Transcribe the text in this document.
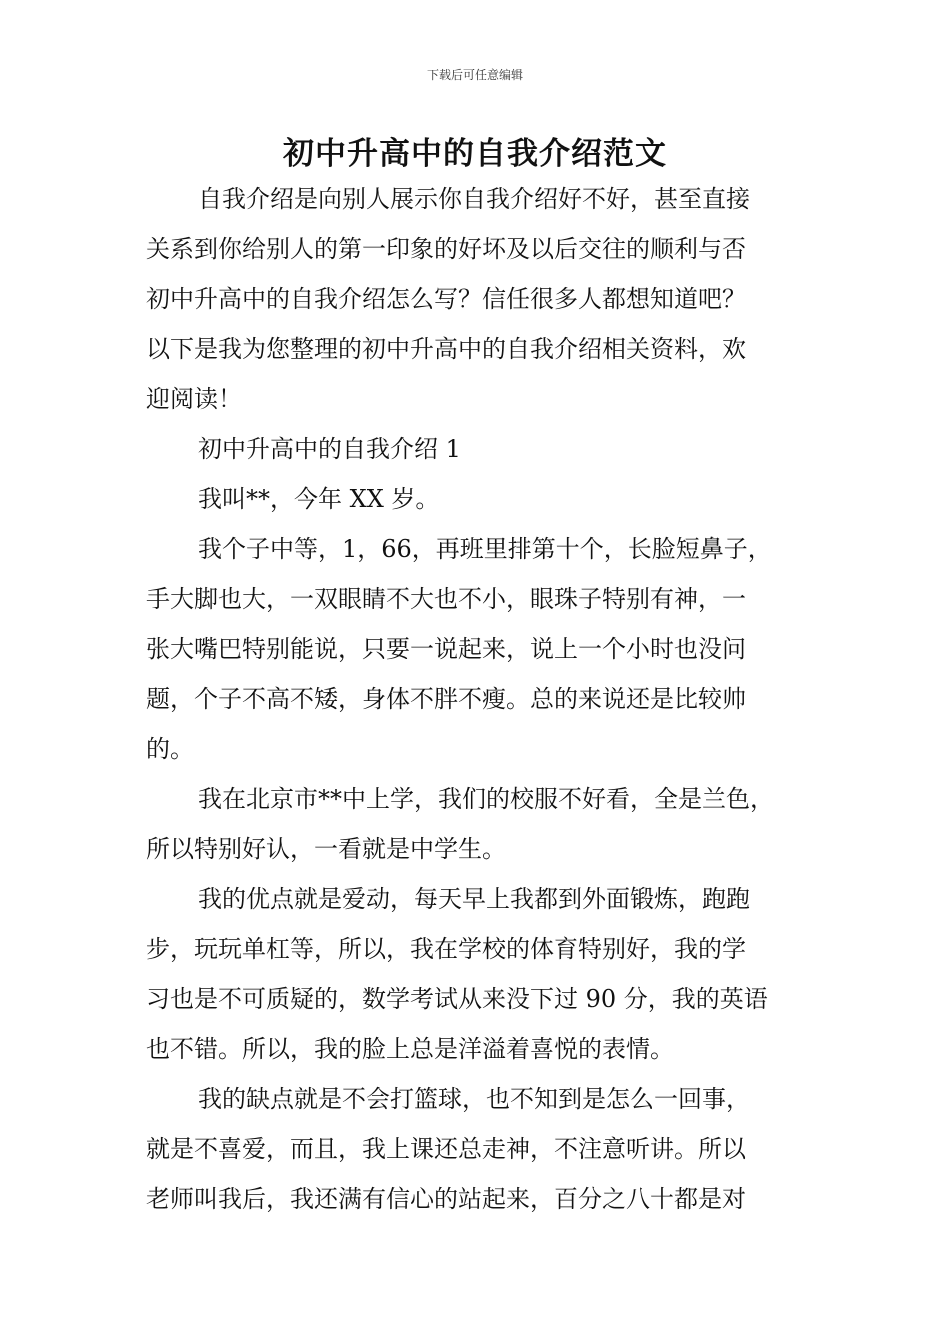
下载后可任意编辑
初中升高中的自我介绍范文
自我介绍是向别人展示你自我介绍好不好，甚至直接
关系到你给别人的第一印象的好坏及以后交往的顺利与否
初中升高中的自我介绍怎么写？信任很多人都想知道吧？
以下是我为您整理的初中升高中的自我介绍相关资料，欢
迎阅读！
初中升高中的自我介绍 1
我叫**，今年 XX 岁。
我个子中等，1，66，再班里排第十个，长脸短鼻子，
手大脚也大，一双眼睛不大也不小，眼珠子特别有神，一
张大嘴巴特别能说，只要一说起来，说上一个小时也没问
题，个子不高不矮，身体不胖不瘦。总的来说还是比较帅
的。
我在北京市**中上学，我们的校服不好看，全是兰色，
所以特别好认，一看就是中学生。
我的优点就是爱动，每天早上我都到外面锻炼，跑跑
步，玩玩单杠等，所以，我在学校的体育特别好，我的学
习也是不可质疑的，数学考试从来没下过 90 分，我的英语
也不错。所以，我的脸上总是洋溢着喜悦的表情。
我的缺点就是不会打篮球，也不知到是怎么一回事，
就是不喜爱，而且，我上课还总走神，不注意听讲。所以
老师叫我后，我还满有信心的站起来，百分之八十都是对
